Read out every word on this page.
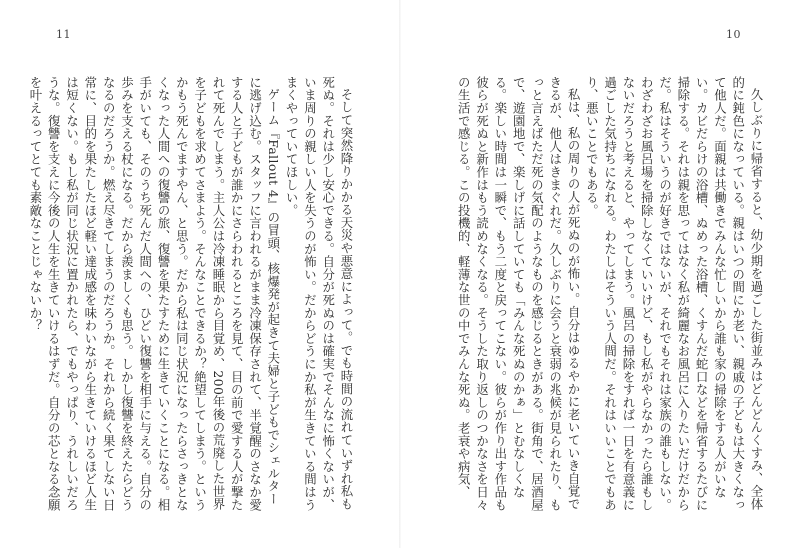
11	10

久しぶりに帰省すると、幼少期を過ごした街並みはどんどんくすみ、全体的に鈍色になっている。親はいつの間にか老い、親戚の子どもは大きくなって他人だ。面親は共働きでみんな忙しいから誰も家の掃除をする人がいない。カビだらけの浴槽、ぬめった浴槽、くすんだ蛇口などを帰省するたびに掃除する。それは親を思ってはなく私が綺麗なお風呂に入りたいだけだからだ。私はそういうのが好きではないが、それでもそれは家族の誰もしない。わざわざお風呂場を掃除しなくていいけど、もし私がやらなかったら誰もしないだろうと考えると、やってしまう。風呂の掃除をすれば一日を有意義に過ごした気持ちになれる。わたしはそういう人間だ。それはいいことでもあり、悪いことでもある。

私は、私の周りの人が死ぬのが怖い。自分はゆるやかに老いていき自覚できるが、他人はきまぐれだ。久しぶりに会うと衰弱の兆候が見られたり、もっと言えばただ死の気配のようなものを感じるときがある。街角で、居酒屋で、遊園地で、楽しげに話していても「みんな死ぬのかぁ」とむなしくなる。楽しい時間は一瞬で、もう二度と戻ってこない。彼らが作り出す作品も彼らが死ぬと新作はもう読めなくなる。そうした取り返しのつかなさを日々の生活で感じる。この投機的、軽薄な世の中でみんな死ぬ。老衰や病気、

そして突然降りかかる天災や悪意によって。でも時間の流れていずれ私も死ぬ。それは少し安心できる。自分が死ぬのは確実でそんなに怖くないが、いま周りの親しい人を失うのが怖い。だからどうにか私が生きている間はうまくやっていてほしい。

ゲーム『Fallout 4』の冒頭、核爆発が起きて夫婦と子どもでシェルターに逃げ込む。スタッフに言われるがまま冷凍保存されて、半覚醒のさなか愛する人と子どもが誰かにさらわれるところを見て、目の前で愛する人が撃たれて死んでしまう。主人公は冷凍睡眠から目覚め、200年後の荒廃した世界を子どもを求めてさまよう。そんなことできるか？絶望してしまう。というかもう死んでますやん、と思う。だから私は同じ状況になったらさっきとなくなった人間への復讐の旅、復讐を果たすために生きていくことになる。相手がいても、そのうち死んだ人間への、ひどい復讐を相手に与える。自分の歩みを支える杖になる。だから羨ましくも思う。しかし復讐を終えたらどうなるのだろうか。燃え尽きてしまうのだろうか。それから続く果てしない日常に、目的を果たしたほど軽い達成感を味わいながら生きていけるほど人生は短くない。もし私が同じ状況に置かれたら、でもやっぱり、うれしいだろうな。復讐を支えに今後の人生を生きていけるはずだ。自分の芯となる念願を叶えるってとても素敵なことじゃないか？
